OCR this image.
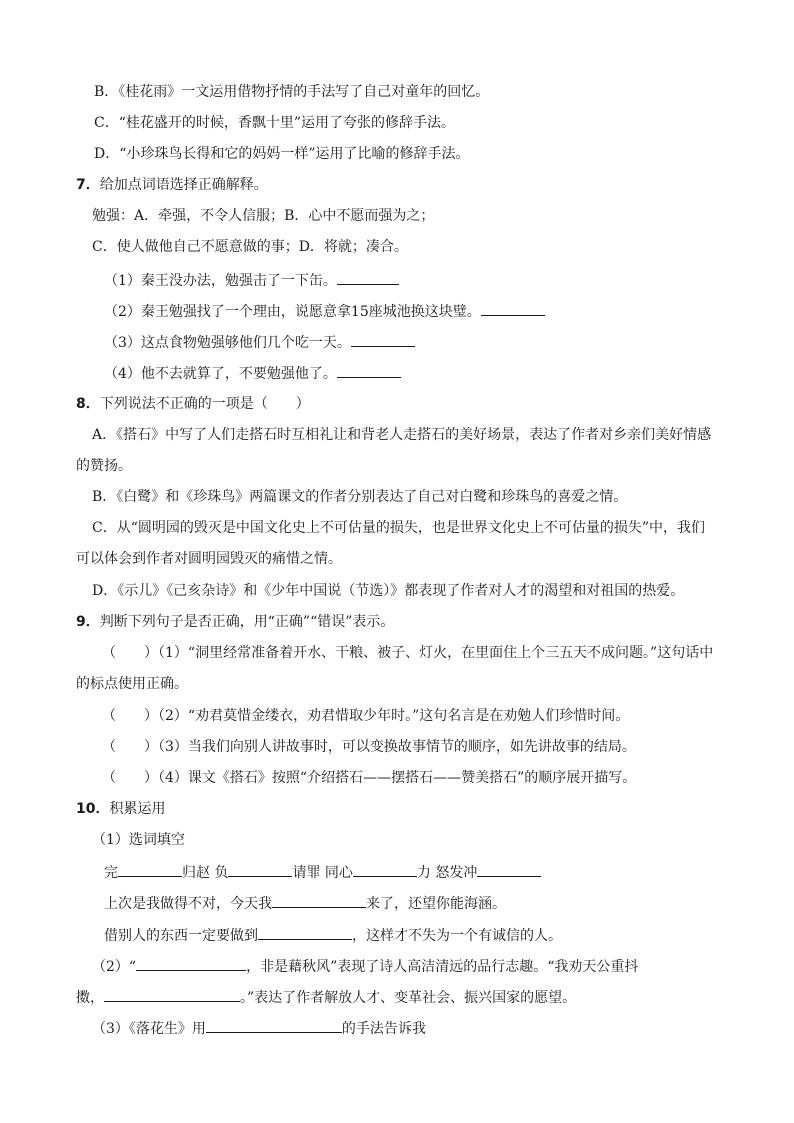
B．《桂花雨》一文运用借物抒情的手法写了自己对童年的回忆。
C．“桂花盛开的时候，香飘十里”运用了夸张的修辞手法。
D．“小珍珠鸟长得和它的妈妈一样”运用了比喻的修辞手法。
7．给加点词语选择正确解释。
勉强：A．牵强，不令人信服；B．心中不愿而强为之；
C．使人做他自己不愿意做的事；D．将就；凑合。
（1）秦王没办法，勉强击了一下缶。
（2）秦王勉强找了一个理由，说愿意拿15座城池换这块璧。
（3）这点食物勉强够他们几个吃一天。
（4）他不去就算了，不要勉强他了。
8．下列说法不正确的一项是（　　）
A．《搭石》中写了人们走搭石时互相礼让和背老人走搭石的美好场景，表达了作者对乡亲们美好情感
的赞扬。
B．《白鹭》和《珍珠鸟》两篇课文的作者分别表达了自己对白鹭和珍珠鸟的喜爱之情。
C．从“圆明园的毁灭是中国文化史上不可估量的损失，也是世界文化史上不可估量的损失”中，我们
可以体会到作者对圆明园毁灭的痛惜之情。
D．《示儿》《己亥杂诗》和《少年中国说（节选）》都表现了作者对人才的渴望和对祖国的热爱。
9．判断下列句子是否正确，用“正确”“错误”表示。
（　　）（1）“洞里经常准备着开水、干粮、被子、灯火，在里面住上个三五天不成问题。”这句话中
的标点使用正确。
（　　）（2）“劝君莫惜金缕衣，劝君惜取少年时。”这句名言是在劝勉人们珍惜时间。
（　　）（3）当我们向别人讲故事时，可以变换故事情节的顺序，如先讲故事的结局。
（　　）（4）课文《搭石》按照“介绍搭石——摆搭石——赞美搭石”的顺序展开描写。
10．积累运用
（1）选词填空
完	归赵 负	请罪 同心	力 怒发冲
上次是我做得不对，今天我	来了，还望你能海涵。
借别人的东西一定要做到	，这样才不失为一个有诚信的人。
（2）“	，非是藉秋风”表现了诗人高洁清远的品行志趣。“我劝天公重抖
擞，	。”表达了作者解放人才、变革社会、振兴国家的愿望。
（3）《落花生》用	的手法告诉我
